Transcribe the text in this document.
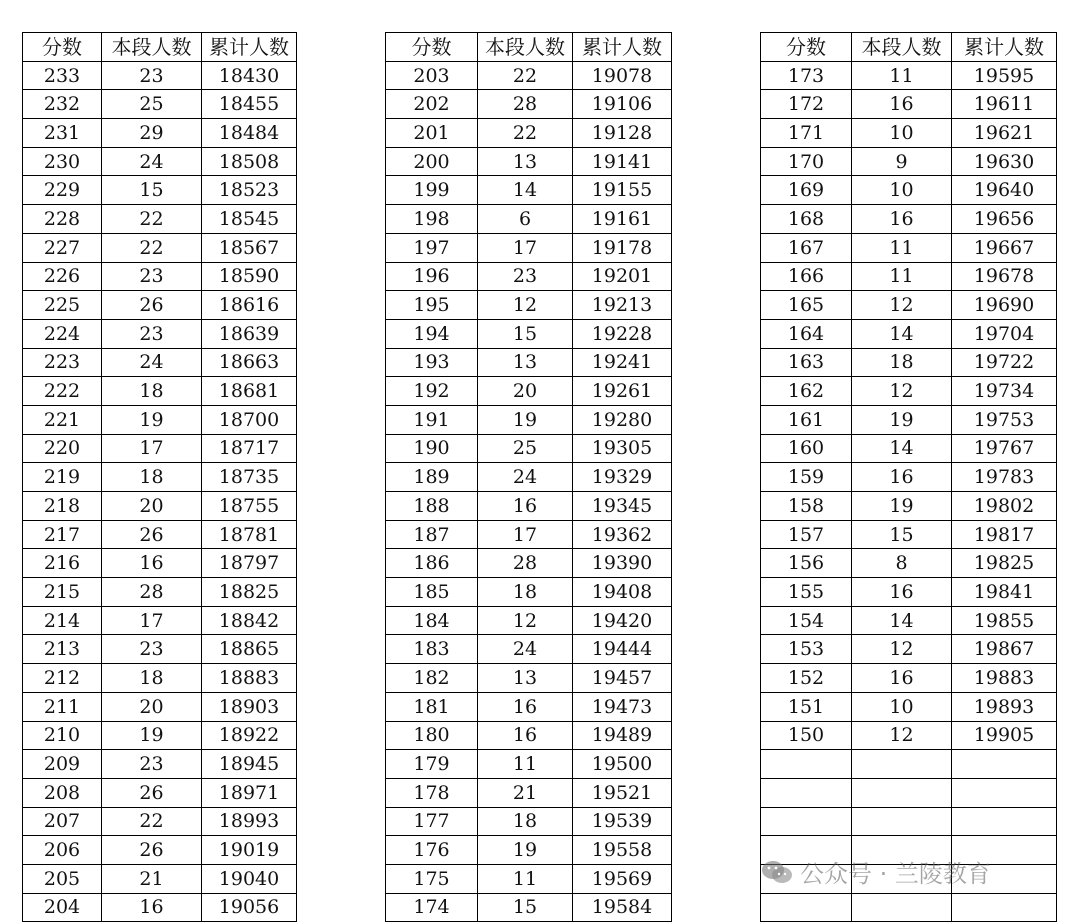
分数	本段人数	累计人数
233	23	18430
232	25	18455
231	29	18484
230	24	18508
229	15	18523
228	22	18545
227	22	18567
226	23	18590
225	26	18616
224	23	18639
223	24	18663
222	18	18681
221	19	18700
220	17	18717
219	18	18735
218	20	18755
217	26	18781
216	16	18797
215	28	18825
214	17	18842
213	23	18865
212	18	18883
211	20	18903
210	19	18922
209	23	18945
208	26	18971
207	22	18993
206	26	19019
205	21	19040
204	16	19056
分数	本段人数	累计人数
203	22	19078
202	28	19106
201	22	19128
200	13	19141
199	14	19155
198	6	19161
197	17	19178
196	23	19201
195	12	19213
194	15	19228
193	13	19241
192	20	19261
191	19	19280
190	25	19305
189	24	19329
188	16	19345
187	17	19362
186	28	19390
185	18	19408
184	12	19420
183	24	19444
182	13	19457
181	16	19473
180	16	19489
179	11	19500
178	21	19521
177	18	19539
176	19	19558
175	11	19569
174	15	19584
分数	本段人数	累计人数
173	11	19595
172	16	19611
171	10	19621
170	9	19630
169	10	19640
168	16	19656
167	11	19667
166	11	19678
165	12	19690
164	14	19704
163	18	19722
162	12	19734
161	19	19753
160	14	19767
159	16	19783
158	19	19802
157	15	19817
156	8	19825
155	16	19841
154	14	19855
153	12	19867
152	16	19883
151	10	19893
150	12	19905

公众号 · 兰陵教育
